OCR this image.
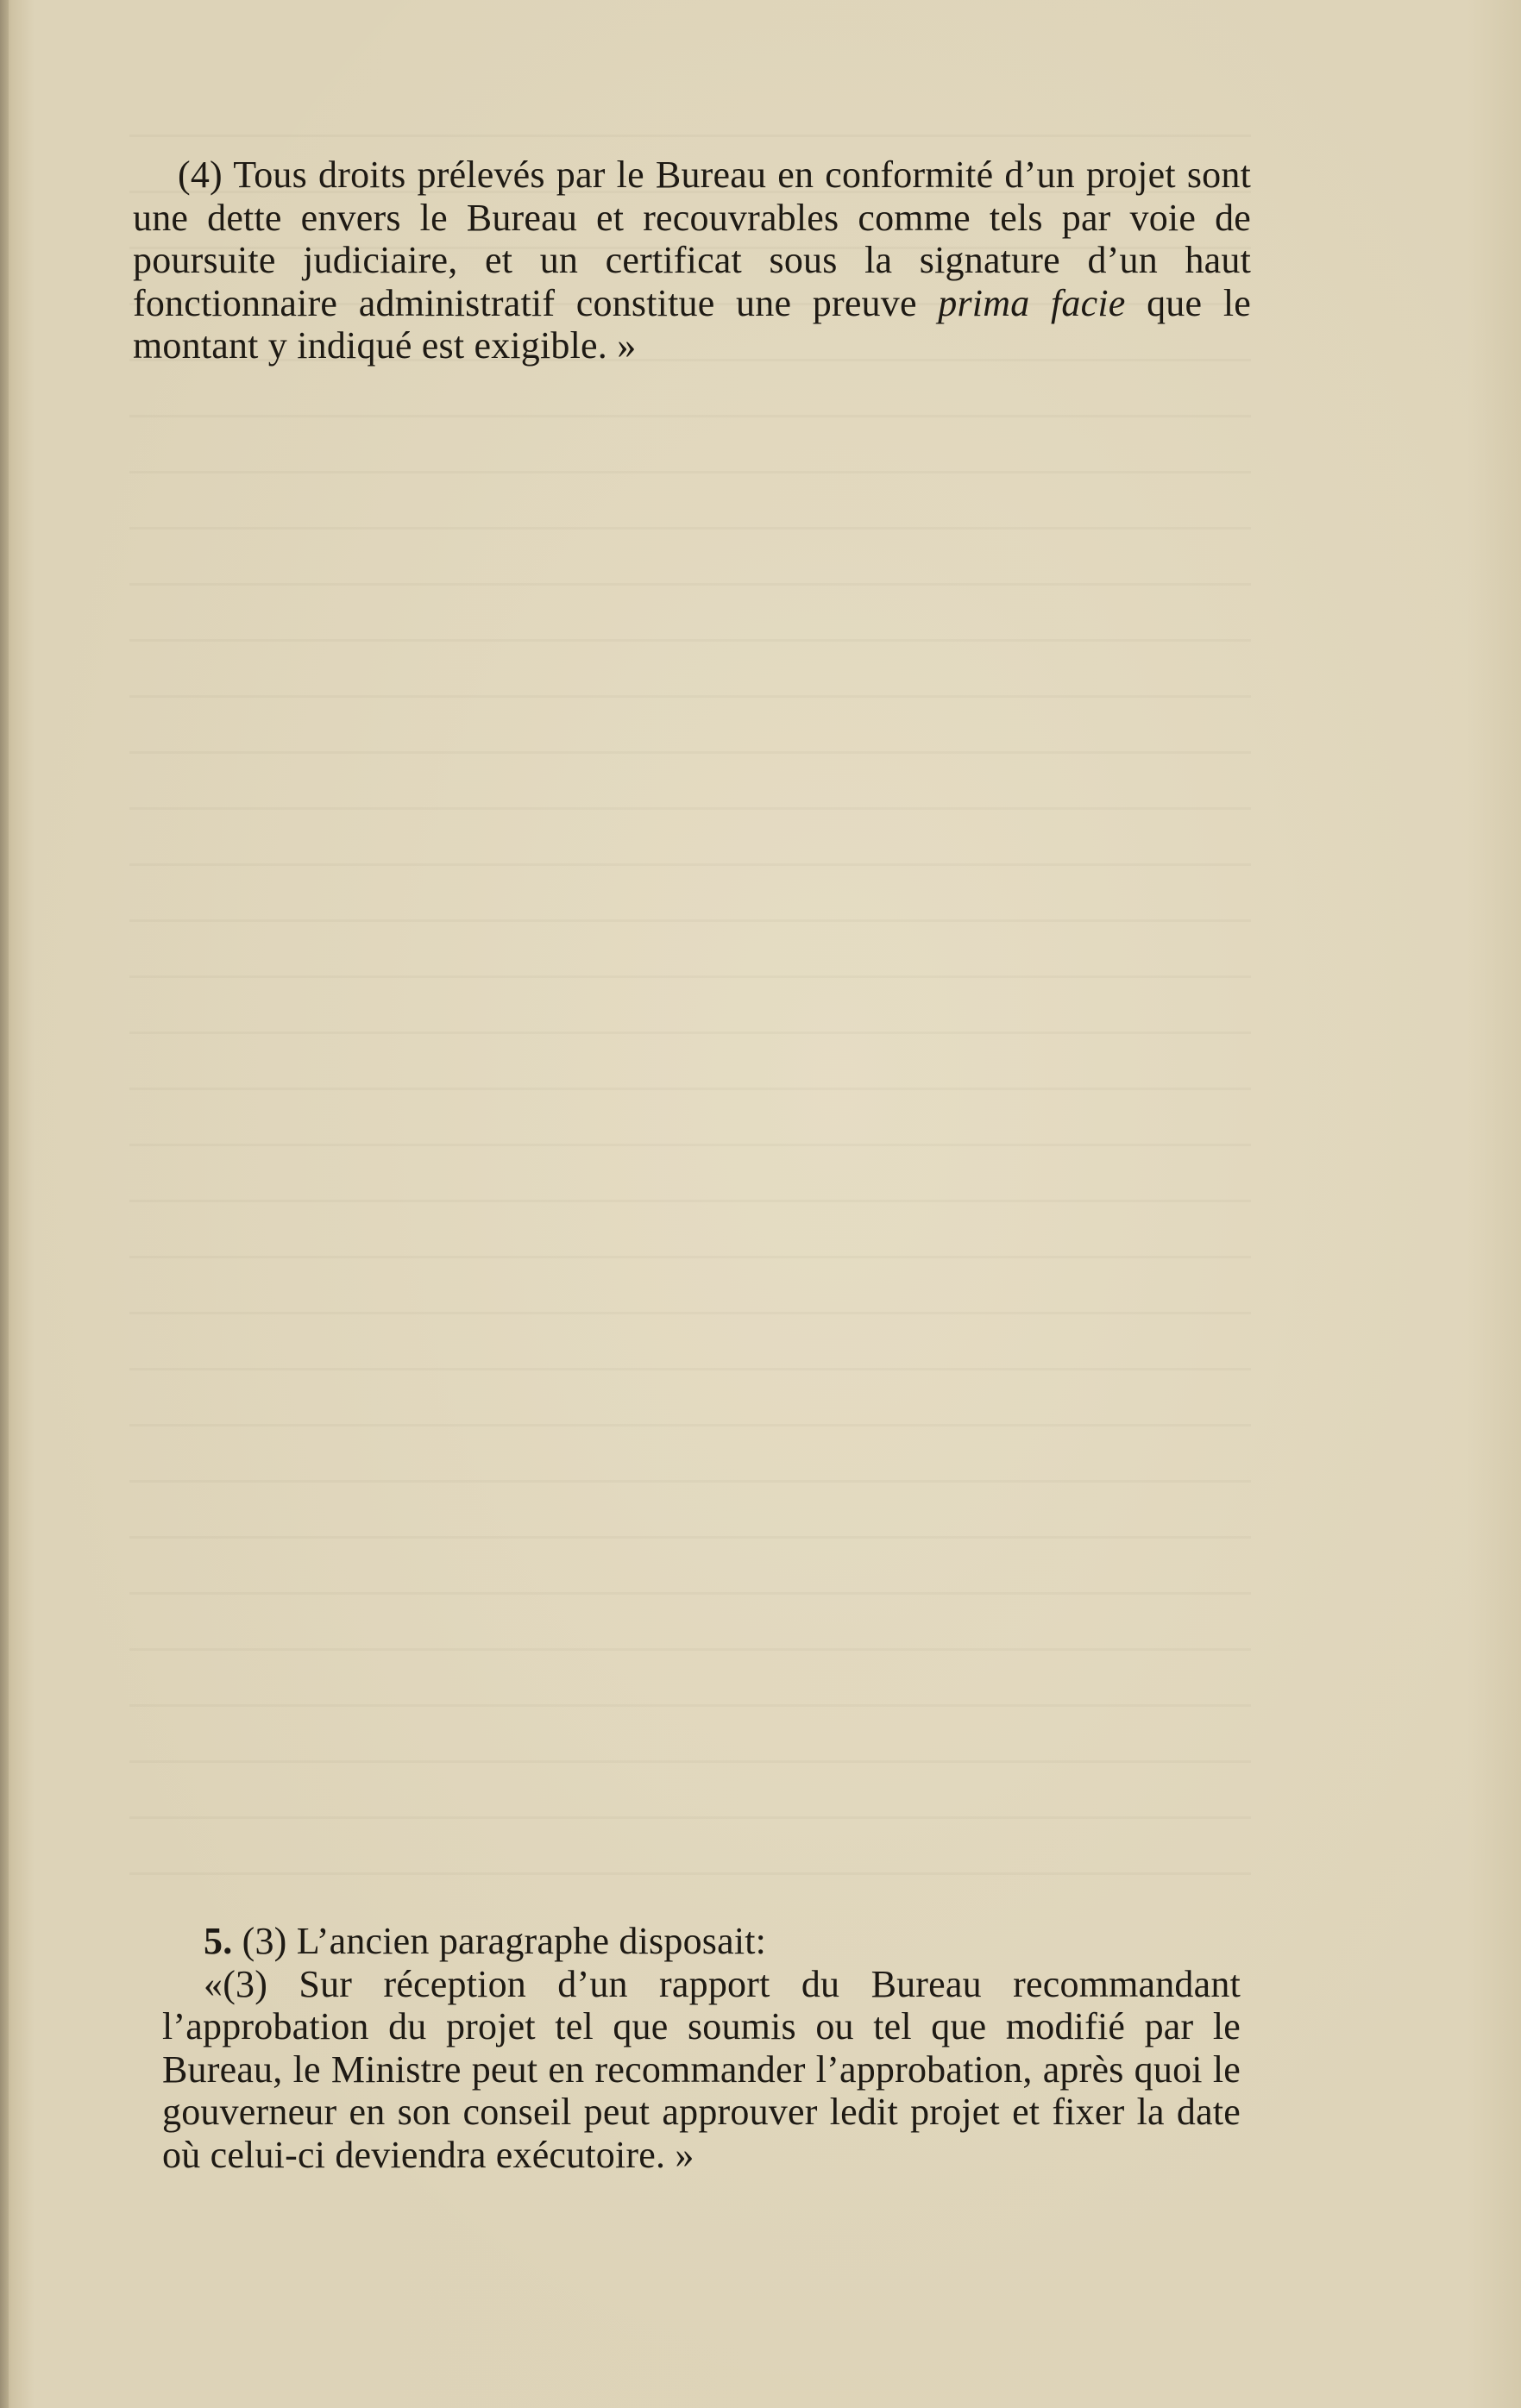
(4) Tous droits prélevés par le Bureau en conformité d’un projet sont une dette envers le Bureau et recouvrables comme tels par voie de poursuite judiciaire, et un certificat sous la signature d’un haut fonctionnaire administratif constitue une preuve prima facie que le montant y indiqué est exigible. »

5. (3) L’ancien paragraphe disposait:

«(3) Sur réception d’un rapport du Bureau recommandant l’approbation du projet tel que soumis ou tel que modifié par le Bureau, le Ministre peut en recommander l’approbation, après quoi le gouverneur en son conseil peut approuver ledit projet et fixer la date où celui-ci deviendra exécutoire. »
